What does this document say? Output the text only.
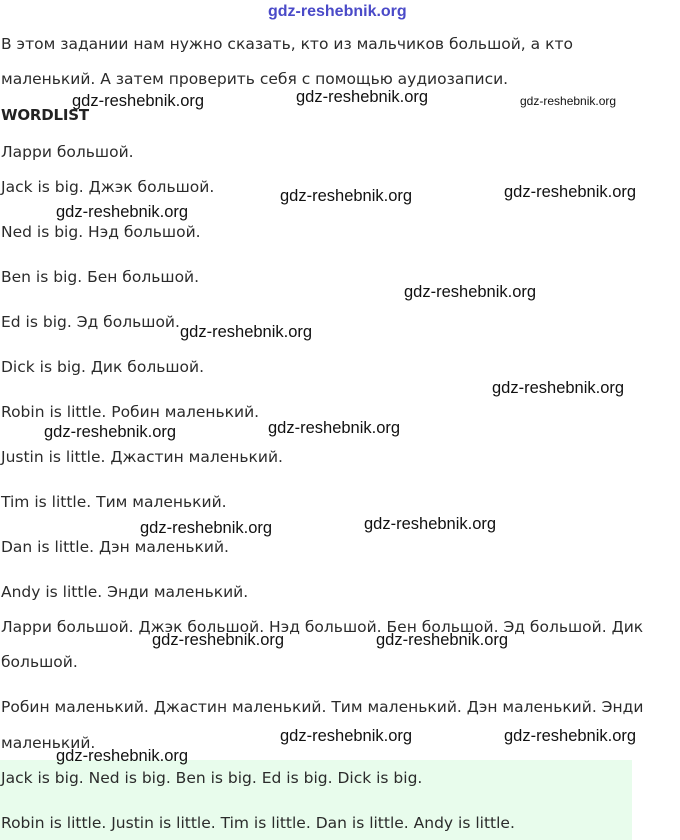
В этом задании нам нужно сказать, кто из мальчиков большой, а кто

маленький. А затем проверить себя с помощью аудиозаписи.

WORDLIST

Ларри большой.

Jack is big. Джэк большой.

Ned is big. Нэд большой.

Ben is big. Бен большой.

Ed is big. Эд большой.

Dick is big. Дик большой.

Robin is little. Робин маленький.

Justin is little. Джастин маленький.

Tim is little. Тим маленький.

Dan is little. Дэн маленький.

Andy is little. Энди маленький.

Ларри большой. Джэк большой. Нэд большой. Бен большой. Эд большой. Дик

большой.

Робин маленький. Джастин маленький. Тим маленький. Дэн маленький. Энди

маленький.

Jack is big. Ned is big. Ben is big. Ed is big. Dick is big.

Robin is little. Justin is little. Tim is little. Dan is little. Andy is little.

gdz-reshebnik.org
gdz-reshebnik.org	gdz-reshebnik.org	gdz-reshebnik.org
gdz-reshebnik.org	gdz-reshebnik.org
gdz-reshebnik.org
gdz-reshebnik.org
gdz-reshebnik.org
gdz-reshebnik.org
gdz-reshebnik.org
gdz-reshebnik.org
gdz-reshebnik.org
gdz-reshebnik.org
gdz-reshebnik.org	gdz-reshebnik.org
gdz-reshebnik.org	gdz-reshebnik.org
gdz-reshebnik.org
